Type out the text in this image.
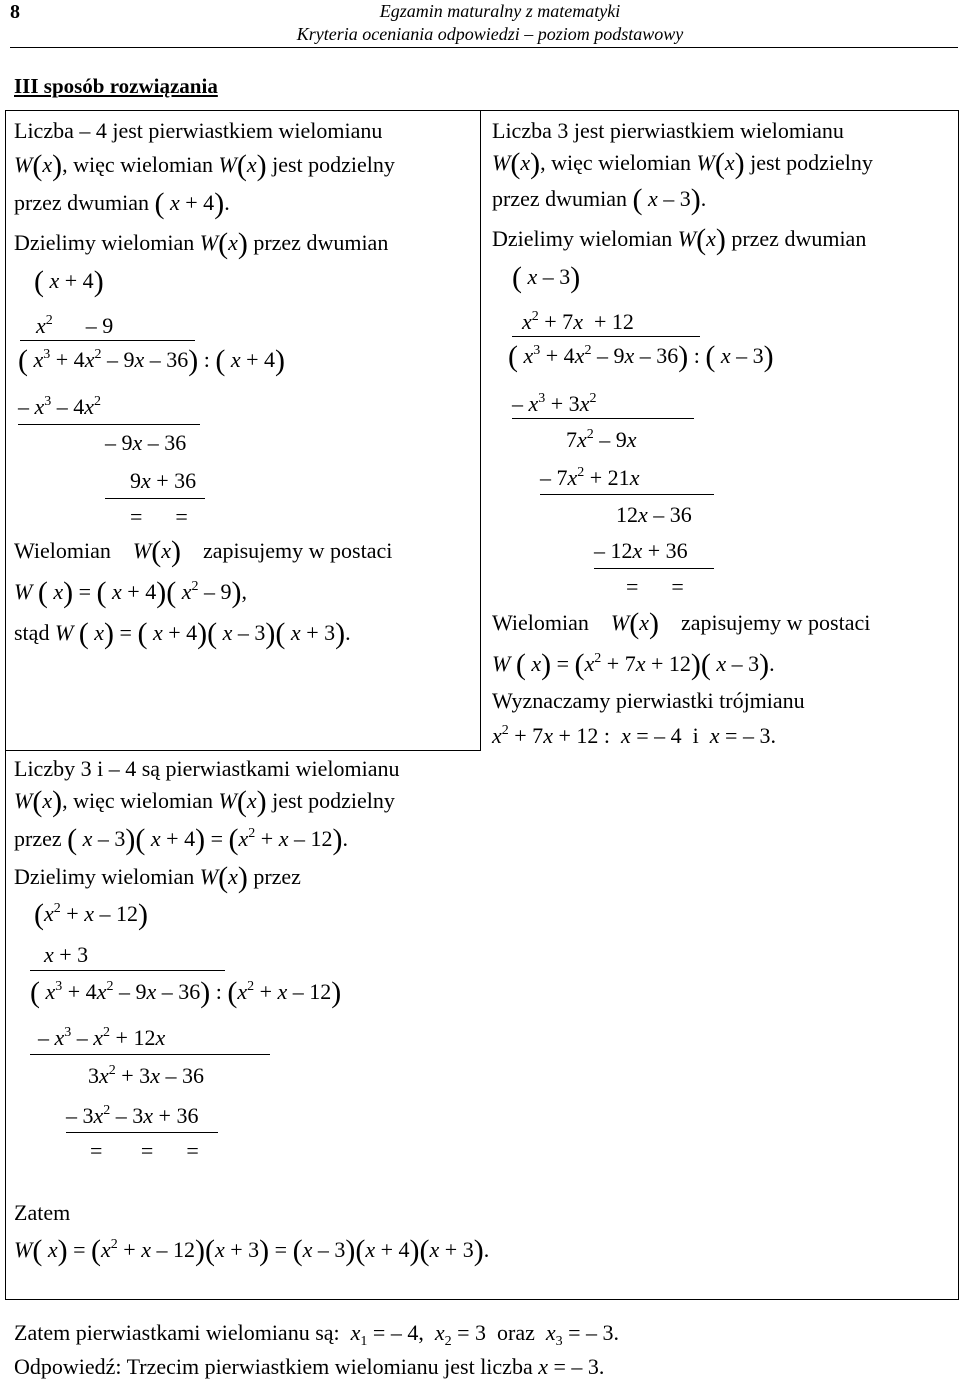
8	Egzamin maturalny z matematyki
Kryteria oceniania odpowiedzi – poziom podstawowy
III sposób rozwiązania
Liczba – 4 jest pierwiastkiem wielomianu
W(x), więc wielomian W(x) jest podzielny
przez dwumian ( x + 4).
Dzielimy wielomian W(x) przez dwumian
( x + 4)
$x^2$      – 9
( $x^3 + 4x^2 - 9x - 36$) : ( x + 4)
– $x^3 - 4x^2$
– 9x – 36
9x + 36
=      =
Wielomian W(x) zapisujemy w postaci
W ( x) = ( x + 4)( $x^2 - 9$),
stąd W ( x) = ( x + 4)( x – 3)( x + 3).
Liczby 3 i – 4 są pierwiastkami wielomianu
W(x), więc wielomian W(x) jest podzielny
przez ( x – 3)( $x + 4) = (x^2 + x - 12)$.
Dzielimy wielomian W(x) przez
$(x^2 + x - 12)$
x + 3
( $x^3 + 4x^2 - 9x - 36$) : $(x^2 + x - 12)$
– $x^3 - x^2 + 12x$
$3x^2 + 3x - 36$
– $3x^2 - 3x + 36$
=       =      =
Zatem
W( $x) = (x^2 + x - 12)(x + 3) = (x - 3)(x + 4)(x + 3)$.
Liczba 3 jest pierwiastkiem wielomianu
W(x), więc wielomian W(x) jest podzielny
przez dwumian ( x – 3).
Dzielimy wielomian W(x) przez dwumian
( x – 3)
$x^2 + 7x + 12$
( $x^3 + 4x^2 - 9x - 36$) : ( x – 3)
– $x^3 + 3x^2$
$7x^2 - 9x$
– $7x^2 + 21x$
12x – 36
– 12x + 36
=      =
Wielomian W(x) zapisujemy w postaci
W ( $x) = (x^2 + 7x + 12)$( x – 3).
Wyznaczamy pierwiastki trójmianu
$x^2 + 7x + 12$ :  x = – 4  i  x = – 3.
Zatem pierwiastkami wielomianu są: $x_1$ = – 4,  $x_2 = 3$  oraz  $x_3$ = – 3.
Odpowiedź: Trzecim pierwiastkiem wielomianu jest liczba x = – 3.
